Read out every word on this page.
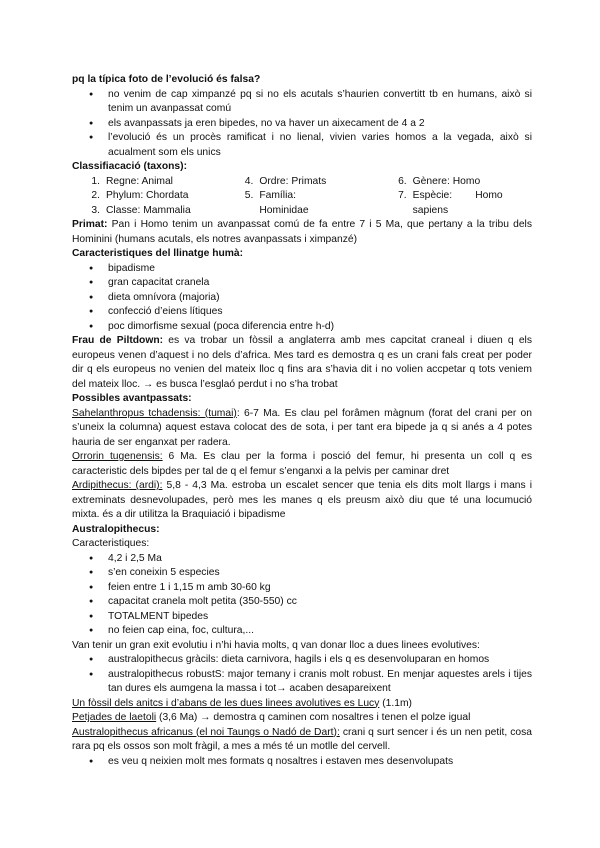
pq la típica foto de l’evolució és falsa?

● no venim de cap ximpanzé pq si no els acutals s’haurien convertitt tb en humans, això si tenim un avanpassat comú
● els avanpassats ja eren bipedes, no va haver un aixecament de 4 a 2
● l’evolució és un procès ramificat i no lienal, vivien varies homos a la vegada, això si acualment som els unics

Classifiacació (taxons):

1. Regne: Animal
2. Phylum: Chordata
3. Classe: Mammalia
4. Ordre: Primats
5. Família:
Hominidae
6. Gènere: Homo
7. Espècie: Homo
sapiens

Primat: Pan i Homo tenim un avanpassat comú de fa entre 7 i 5 Ma, que pertany a la tribu dels Hominini (humans acutals, els notres avanpassats i ximpanzé)

Caracteristiques del llinatge humà:

● bipadisme
● gran capacitat cranela
● dieta omnívora (majoria)
● confecció d’eiens lítiques
● poc dimorfisme sexual (poca diferencia entre h-d)

Frau de Piltdown: es va trobar un fòssil a anglaterra amb mes capcitat craneal i diuen q els europeus venen d’aquest i no dels d’africa. Mes tard es demostra q es un crani fals creat per poder dir q els europeus no venien del mateix lloc q fins ara s’havia dit i no volien accpetar q tots veniem del mateix lloc. → es busca l’esglaó perdut i no s’ha trobat

Possibles avantpassats:

Sahelanthropus tchadensis: (tumai): 6-7 Ma. Es clau pel forâmen màgnum (forat del crani per on s’uneix la columna) aquest estava colocat des de sota, i per tant era bipede ja q si anés a 4 potes hauria de ser enganxat per radera.

Orrorin tugenensis: 6 Ma. Es clau per la forma i posció del femur, hi presenta un coll q es caracteristic dels bipdes per tal de q el femur s’enganxi a la pelvis per caminar dret

Ardipithecus: (ardi): 5,8 - 4,3 Ma. estroba un escalet sencer que tenia els dits molt llargs i mans i extreminats desnevolupades, però mes les manes q els preusm això diu que té una locumució mixta. és a dir utilitza la Braquiació i bipadisme

Australopithecus:

Caracteristiques:

● 4,2 i 2,5 Ma
● s’en coneixin 5 especies
● feien entre 1 i 1,15 m amb 30-60 kg
● capacitat cranela molt petita (350-550) cc
● TOTALMENT bipedes
● no feien cap eina, foc, cultura,...

Van tenir un gran exit evolutiu i n’hi havia molts, q van donar lloc a dues linees evolutives:

● australopithecus gràcils: dieta carnivora, hagils i els q es desenvoluparan en homos
● australopithecus robustS: major temany i cranis molt robust. En menjar aquestes arels i tijes tan dures els aumgena la massa i tot→ acaben desapareixent

Un fòssil dels anitcs i d’abans de les dues linees avolutives es Lucy (1.1m)

Petjades de laetoli (3,6 Ma) → demostra q caminen com nosaltres i tenen el polze igual

Australopithecus africanus (el noi Taungs o Nadó de Dart): crani q surt sencer i és un nen petit, cosa rara pq els ossos son molt fràgil, a mes a més té un motlle del cervell.

● es veu q neixien molt mes formats q nosaltres i estaven mes desenvolupats
